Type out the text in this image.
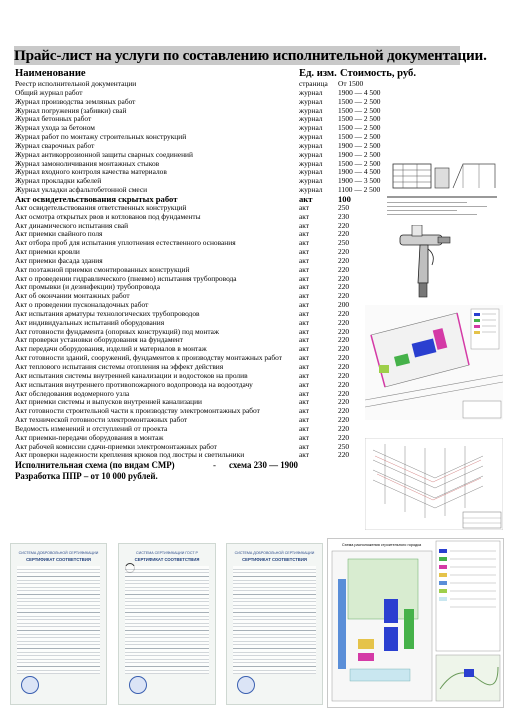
Прайс-лист на услуги по составлению исполнительной документации.
Наименование	Ед. изм. Стоимость, руб.
Реестр исполнительной документации	страница От 1500
Общий журнал работ	журнал 1900 — 4 500
Журнал производства земляных работ	журнал 1500 — 2 500
Журнал погружения (забивки) свай	журнал 1500 — 2 500
Журнал бетонных работ	журнал 1500 — 2 500
Журнал ухода за бетоном	журнал 1500 — 2 500
Журнал работ по монтажу строительных конструкций	журнал 1500 — 2 500
Журнал сварочных работ	журнал 1900 — 2 500
Журнал антикоррозионной защиты сварных соединений	журнал 1900 — 2 500
Журнал замоноличивания монтажных стыков	журнал 1500 — 2 500
Журнал входного контроля качества материалов	журнал 1900 — 4 500
Журнал прокладки кабелей	журнал 1900 — 3 500
Журнал укладки асфальтобетонной смеси	журнал 1100 — 2 500
Акт освидетельствования скрытых работ	акт	100
Акт освидетельствования ответственных конструкций	акт	250
Акт осмотра открытых рвов и котлованов под фундаменты	акт	230
Акт динамического испытания свай	акт	220
Акт приемки свайного поля	акт	220
Акт отбора проб для испытания уплотнения естественного основания	акт	250
Акт приемки кровли	акт	220
Акт приемки фасада здания	акт	220
Акт поэтажной приемки смонтированных конструкций	акт	220
Акт о проведении гидравлического (пневмо) испытания трубопровода	акт	220
Акт промывки (и дезинфекции) трубопровода	акт	220
Акт об окончании монтажных работ	акт	220
Акт о проведении пусконаладочных работ	акт	200
Акт испытания арматуры технологических трубопроводов	акт	220
Акт индивидуальных испытаний оборудования	акт	220
Акт готовности фундамента (опорных конструкций) под монтаж	акт	220
Акт проверки установки оборудования на фундамент	акт	220
Акт передачи оборудования, изделий и материалов в монтаж	акт	220
Акт готовности зданий, сооружений, фундаментов к производству монтажных работ акт	220
Акт теплового испытания системы отопления на эффект действия	акт	220
Акт испытания системы внутренней канализации и водостоков на пролив	акт	220
Акт испытания внутреннего противопожарного водопровода на водоотдачу	акт	220
Акт обследования водомерного узла	акт	220
Акт приемки системы и выпусков внутренней канализации	акт	220
Акт готовности строительной части к производству электромонтажных работ	акт	220
Акт технической готовности электромонтажных работ	акт	220
Ведомость изменений и отступлений от проекта	акт	220
Акт приемки-передачи оборудования в монтаж	акт	220
Акт рабочей комиссии сдачи-приемки электромонтажных работ	акт	250
Акт проверки надежности крепления крюков под люстры и светильники	акт	220
Исполнительная схема (по видам СМР)	- схема 230 — 1900
Разработка ППР – от 10 000 рублей.
СИСТЕМА ДОБРОВОЛЬНОЙ СЕРТИФИКАЦИИ
СЕРТИФИКАТ СООТВЕТСТВИЯ
СИСТЕМА СЕРТИФИКАЦИИ ГОСТ Р
СЕРТИФИКАТ СООТВЕТСТВИЯ
СИСТЕМА ДОБРОВОЛЬНОЙ СЕРТИФИКАЦИИ
СЕРТИФИКАТ СООТВЕТСТВИЯ
Схема расположения строительного городка
